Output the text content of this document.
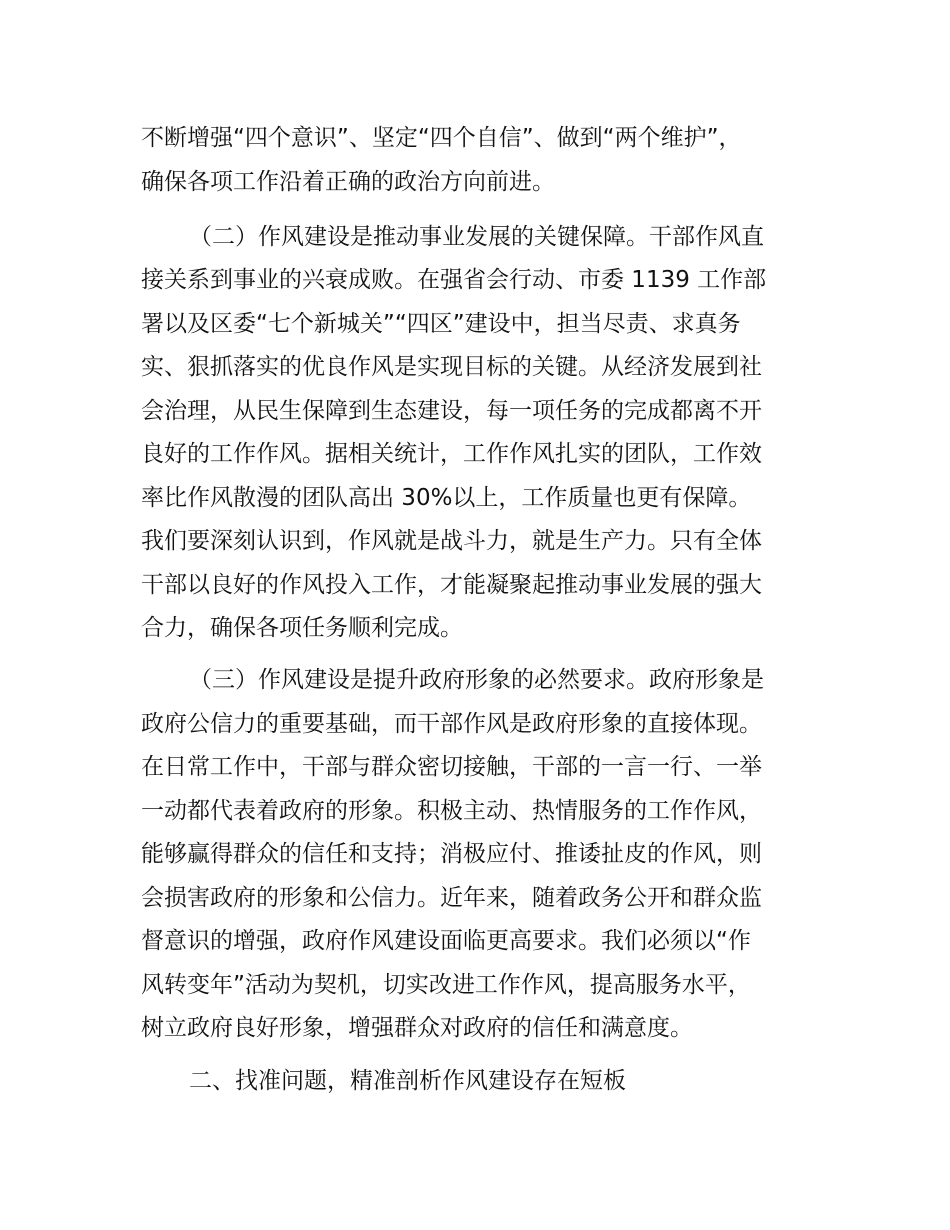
不断增强“四个意识”、坚定“四个自信”、做到“两个维护”，
确保各项工作沿着正确的政治方向前进。
（二）作风建设是推动事业发展的关键保障。干部作风直
接关系到事业的兴衰成败。在强省会行动、市委 1139 工作部
署以及区委“七个新城关”“四区”建设中，担当尽责、求真务
实、狠抓落实的优良作风是实现目标的关键。从经济发展到社
会治理，从民生保障到生态建设，每一项任务的完成都离不开
良好的工作作风。据相关统计，工作作风扎实的团队，工作效
率比作风散漫的团队高出 30%以上，工作质量也更有保障。
我们要深刻认识到，作风就是战斗力，就是生产力。只有全体
干部以良好的作风投入工作，才能凝聚起推动事业发展的强大
合力，确保各项任务顺利完成。
（三）作风建设是提升政府形象的必然要求。政府形象是
政府公信力的重要基础，而干部作风是政府形象的直接体现。
在日常工作中，干部与群众密切接触，干部的一言一行、一举
一动都代表着政府的形象。积极主动、热情服务的工作作风，
能够赢得群众的信任和支持；消极应付、推诿扯皮的作风，则
会损害政府的形象和公信力。近年来，随着政务公开和群众监
督意识的增强，政府作风建设面临更高要求。我们必须以“作
风转变年”活动为契机，切实改进工作作风，提高服务水平，
树立政府良好形象，增强群众对政府的信任和满意度。
二、找准问题，精准剖析作风建设存在短板
